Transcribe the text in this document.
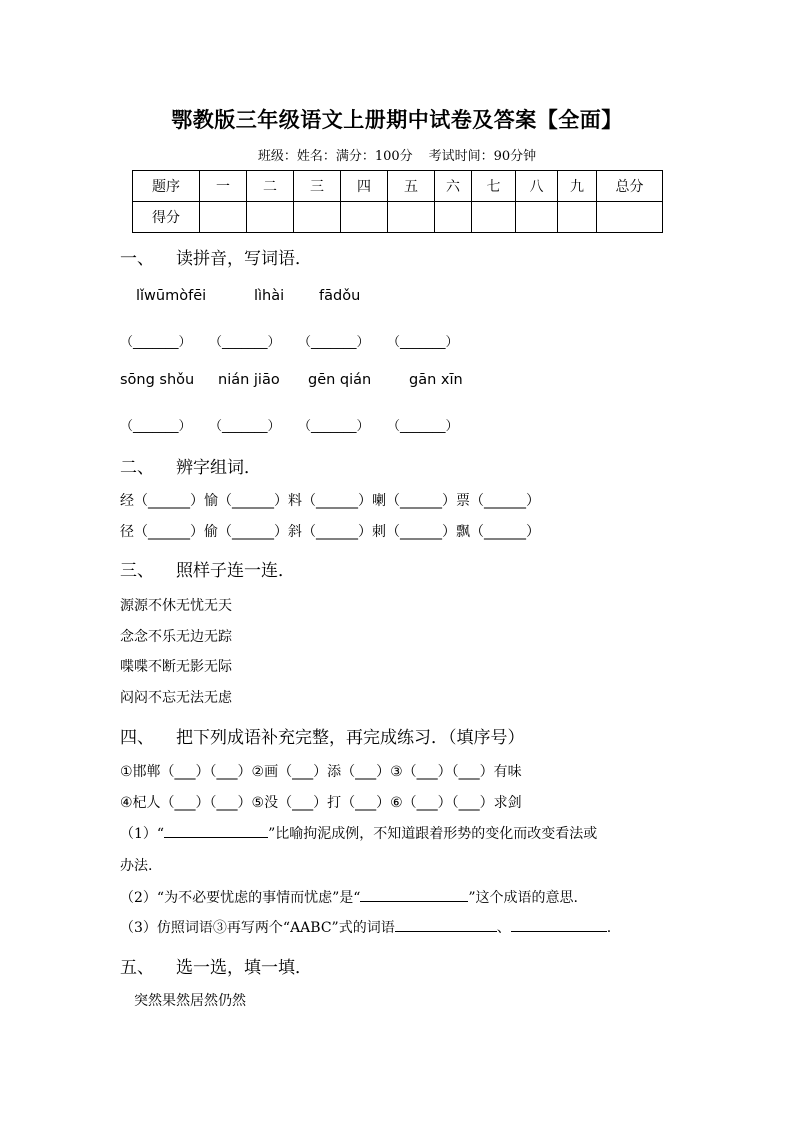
鄂教版三年级语文上册期中试卷及答案【全面】
班级：姓名：满分：100分 考试时间：90分钟
题序	一	二	三	四	五	六	七	八	九	总分
得分										
一、 读拼音，写词语．
lǐwūmòfēi	lìhài fādǒu
（_______） （_______） （_______） （_______）
sōng shǒu nián jiāo gēn qián	gān xīn
（_______） （_______） （_______） （_______）
二、 辨字组词．
经（______）愉（______）料（______）喇（______）票（______）
径（______）偷（______）斜（______）刺（______）飘（______）
三、 照样子连一连．
源源不休无忧无天
念念不乐无边无踪
喋喋不断无影无际
闷闷不忘无法无虑
四、 把下列成语补充完整，再完成练习．（填序号）
①邯郸（___）（___）②画（___）添（___）③（___）（___）有味
④杞人（___）（___）⑤没（___）打（___）⑥（___）（___）求剑
（1）“	”比喻拘泥成例，不知道跟着形势的变化而改变看法或
办法.
（2）“为不必要忧虑的事情而忧虑”是“	”这个成语的意思.
（3）仿照词语③再写两个“AABC”式的词语	、	.
五、 选一选，填一填．
突然果然居然仍然
